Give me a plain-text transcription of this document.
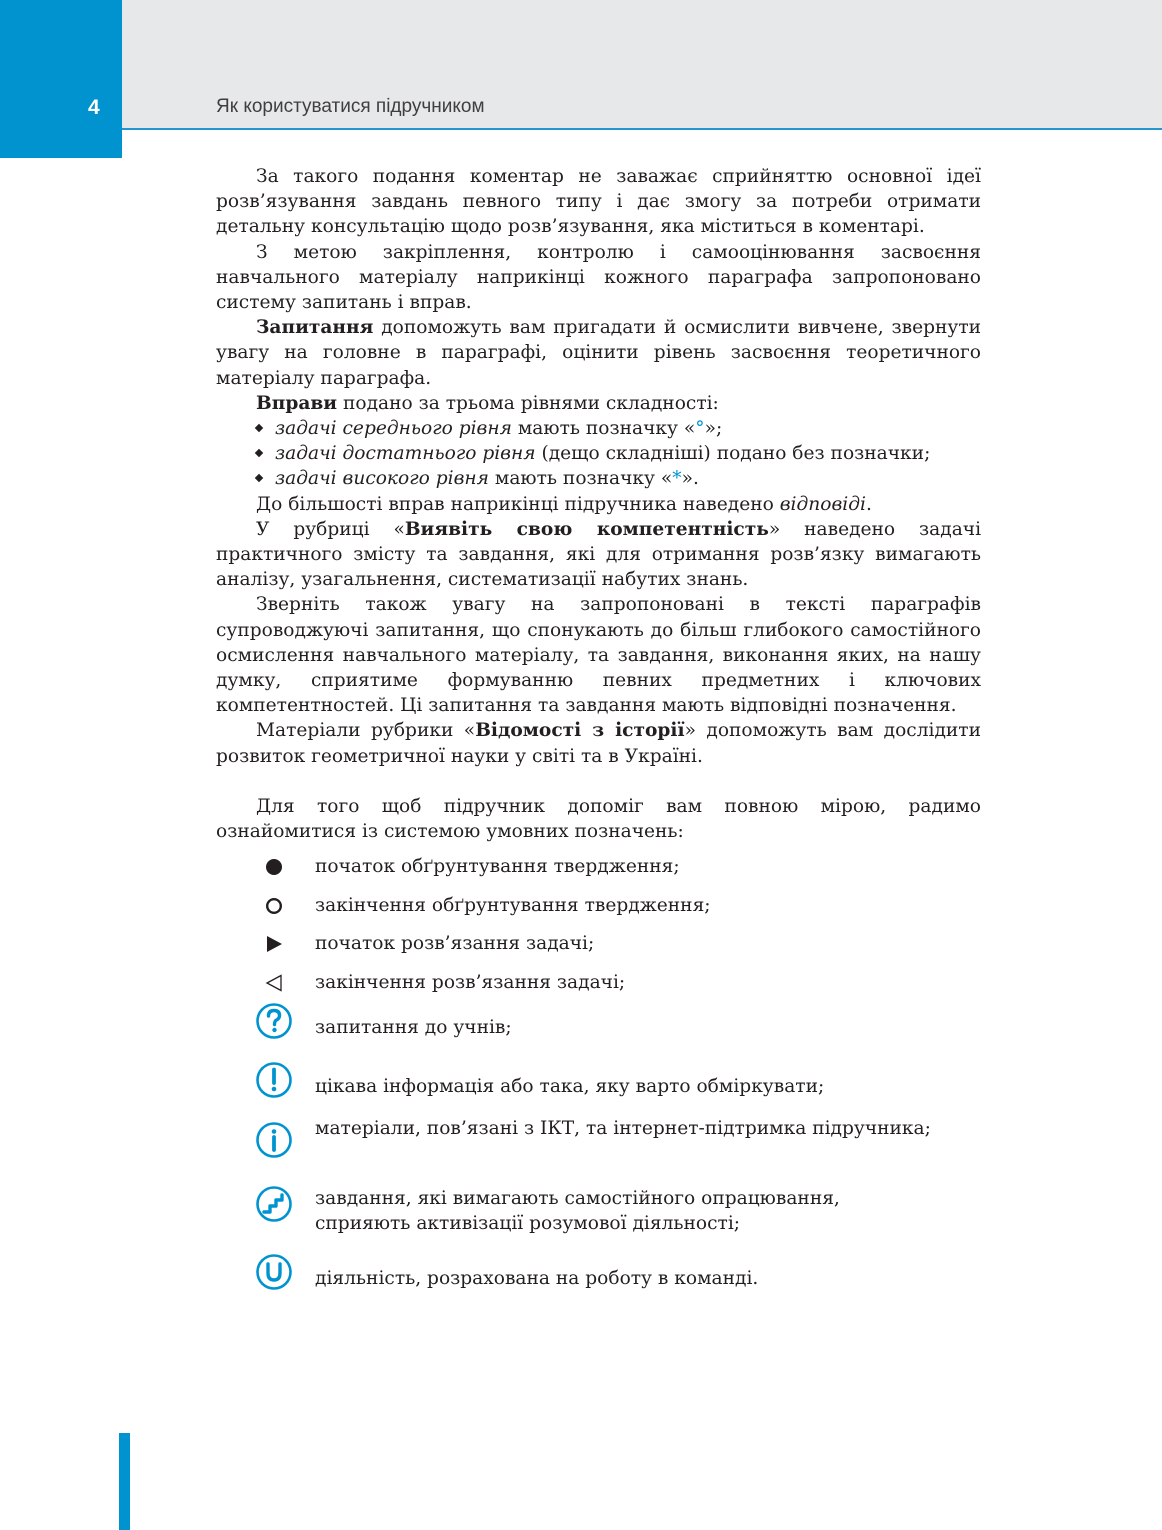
4	Як користуватися підручником

За такого подання коментар не заважає сприйняттю основної ідеї розв’язування завдань певного типу і дає змогу за потреби отримати детальну консультацію щодо розв’язування, яка міститься в коментарі.

З метою закріплення, контролю і самооцінювання засвоєння навчального матеріалу наприкінці кожного параграфа запропоновано систему запитань і вправ.

Запитання допоможуть вам пригадати й осмислити вивчене, звернути увагу на головне в параграфі, оцінити рівень засвоєння теоретичного матеріалу параграфа.

Вправи подано за трьома рівнями складності:

задачі середнього рівня мають позначку «°»;

задачі достатнього рівня (дещо складніші) подано без позначки;

задачі високого рівня мають позначку «*».

До більшості вправ наприкінці підручника наведено відповіді.

У рубриці «Виявіть свою компетентність» наведено задачі практичного змісту та завдання, які для отримання розв’язку вимагають аналізу, узагальнення, систематизації набутих знань.

Зверніть також увагу на запропоновані в тексті параграфів супроводжуючі запитання, що спонукають до більш глибокого самостійного осмислення навчального матеріалу, та завдання, виконання яких, на нашу думку, сприятиме формуванню певних предметних і ключових компетентностей. Ці запитання та завдання мають відповідні позначення.

Матеріали рубрики «Відомості з історії» допоможуть вам дослідити розвиток геометричної науки у світі та в Україні.

Для того щоб підручник допоміг вам повною мірою, радимо ознайомитися із системою умовних позначень:

початок обґрунтування твердження;
закінчення обґрунтування твердження;
початок розв’язання задачі;
закінчення розв’язання задачі;
запитання до учнів;
цікава інформація або така, яку варто обміркувати;
матеріали, пов’язані з ІКТ, та інтернет-підтримка підручника;
завдання, які вимагають самостійного опрацювання, сприяють активізації розумової діяльності;
діяльність, розрахована на роботу в команді.
